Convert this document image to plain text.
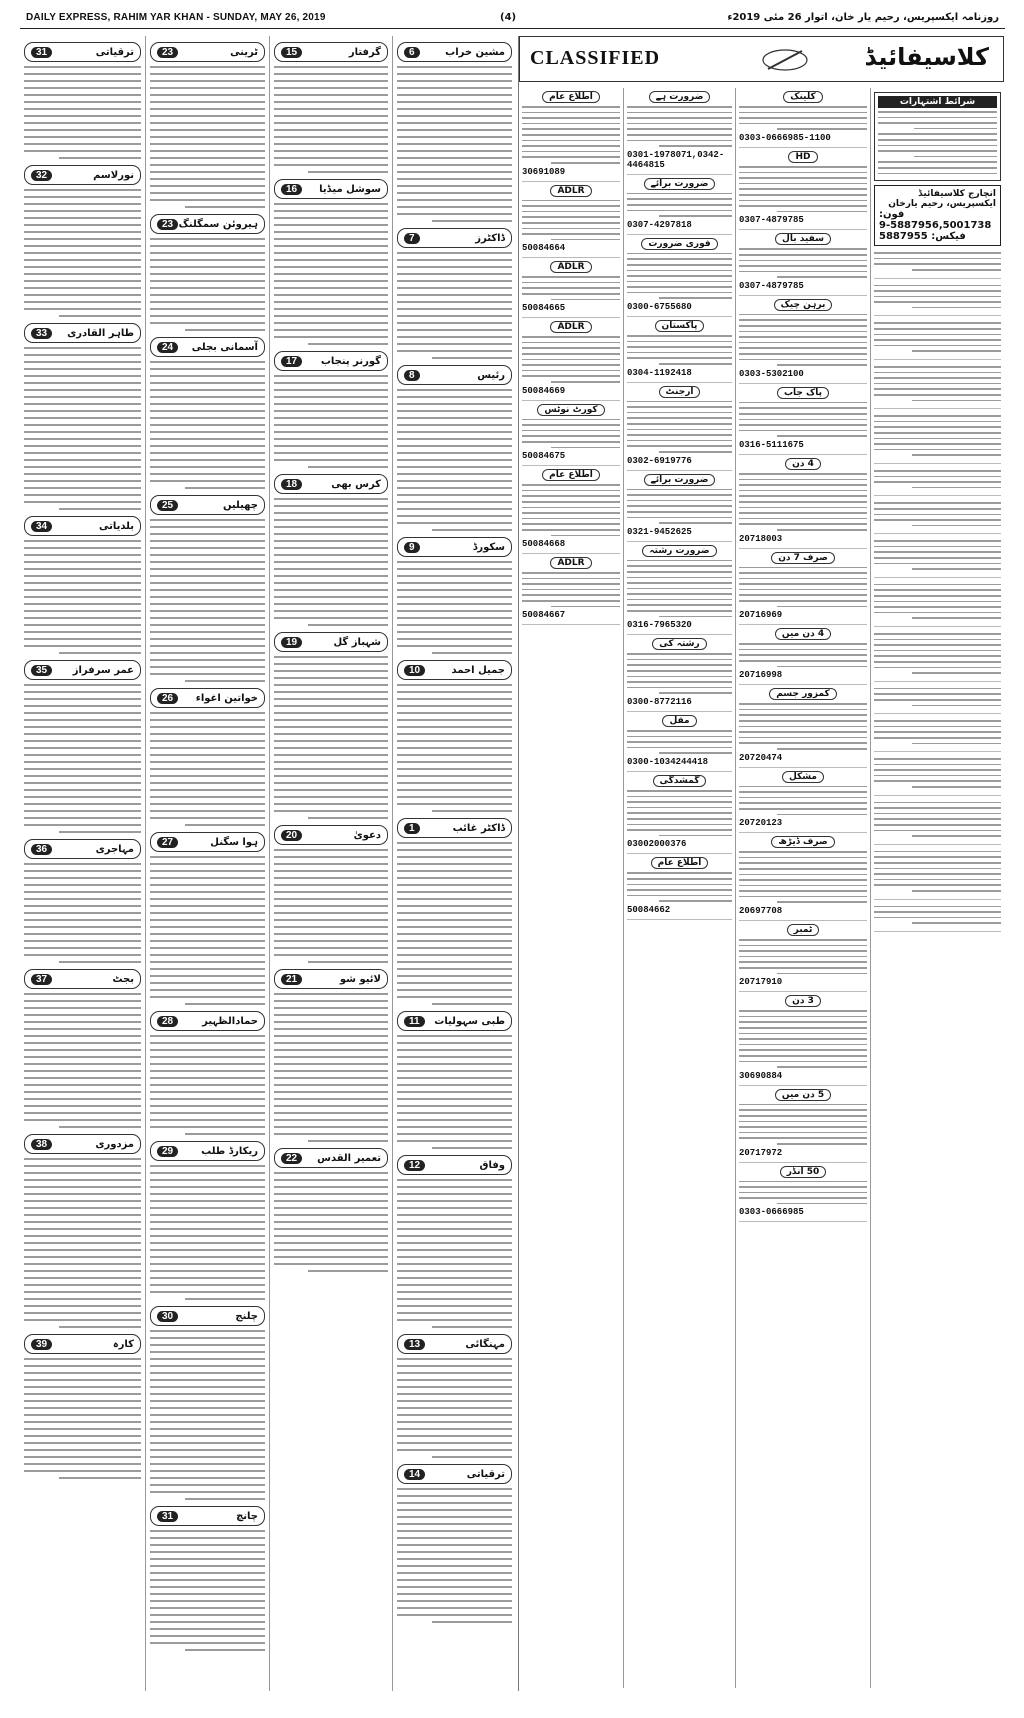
DAILY EXPRESS, RAHIM YAR KHAN - SUNDAY, MAY 26, 2019	(4)	روزنامہ ایکسپریس، رحیم یار خان، اتوار 26 مئی 2019ء
ترقیاتی
31
نورلاسم
32
طاہر القادری
33
بلدیاتی
34
عمر سرفراز
35
مہاجری
36
بجٹ
37
مزدوری
38
کارہ
39
ٹرینی
23
ہیروئن سمگلنگ
23
آسمانی بجلی
24
چھیلیں
25
خواتین اغواء
26
ہوا سگنل
27
حمادالظہیر
28
ریکارڈ طلب
29
چلنج
30
چانچ
31
گرفتار
15
سوشل میڈیا
16
گورنر پنجاب
17
کرس بھی
18
شہباز گل
19
دعویٰ
20
لائیو شو
21
تعمیر القدس
22
مشین خراب
6
ڈاکٹرز
7
رئیس
8
سکورڈ
9
جمیل احمد
10
ڈاکٹر غائب
1
طبی سہولیات
11
وفاق
12
مہنگائی
13
ترقیاتی
14
CLASSIFIED	کلاسیفائیڈ
اطلاع عام
30691089
ADLR
50084664
ADLR
50084665
ADLR
50084669
کورٹ نوٹس
50084675
اطلاع عام
50084668
ADLR
50084667
ضرورت ہے
0301-1978071,0342-4464815
ضرورت برائے
0307-4297818
فوری ضرورت
0300-6755680
پاکستان
0304-1192418
ارجنٹ
0302-6919776
ضرورت برائے
0321-9452625
ضرورت رشتہ
0316-7965320
رشتہ کی
0300-8772116
مقل
0300-1034244418
گمشدگی
03002000376
اطلاع عام
50084662
کلینک
0303-0666985-1100
HD
0307-4879785
سفید بال
0307-4879785
برہن چیک
0303-5302100
پاک جاب
0316-5111675
4 دن
20718003
صرف 7 دن
20716969
4 دن میں
20716998
کمزور جسم
20720474
مشکل
20720123
صرف ڈیڑھ
20697708
ٹمبر
20717910
3 دن
30690884
5 دن میں
20717972
50 انڈر
0303-0666985
شرائط اشتہارات
انچارج کلاسیفائیڈ ایکسپریس، رحیم یارخان
فون: 5887956,5001738-9
فیکس: 5887955
